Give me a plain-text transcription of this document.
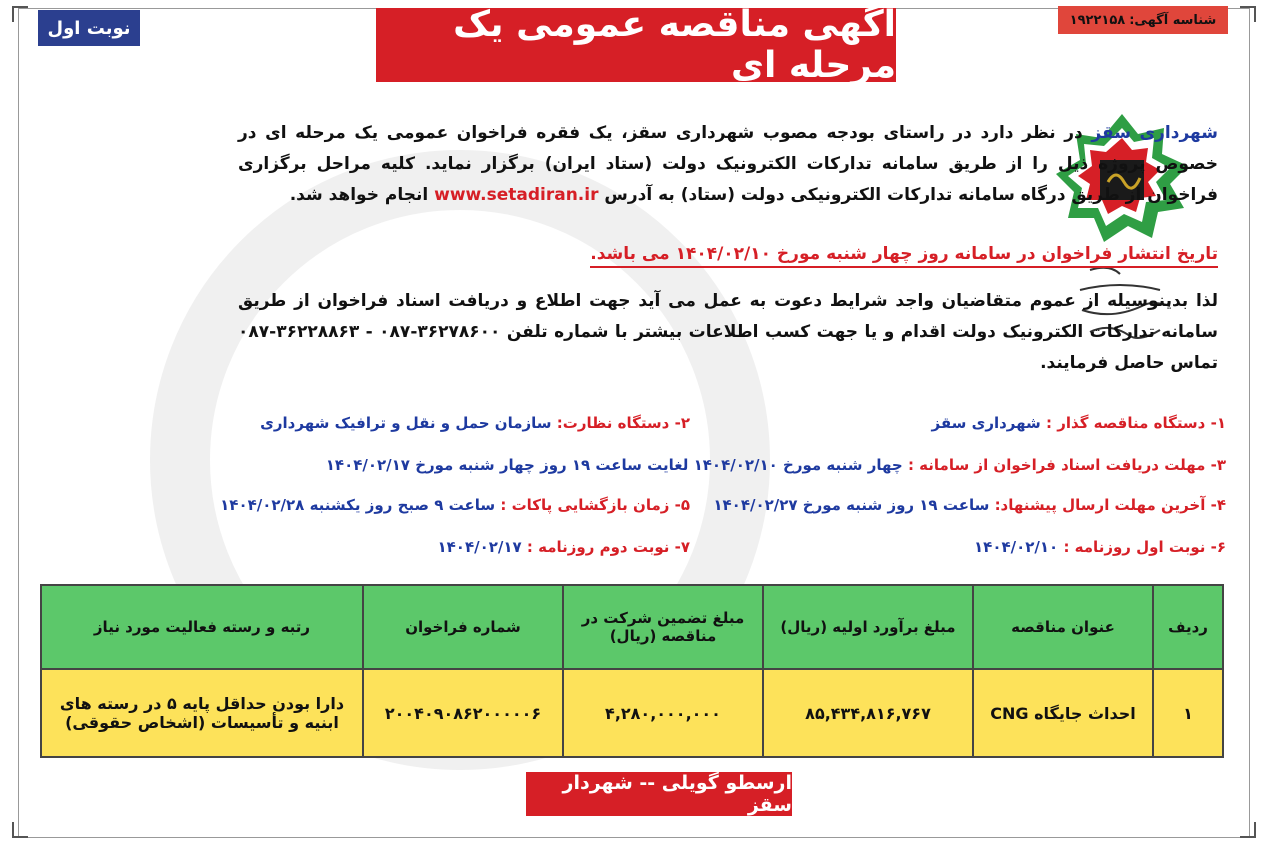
آگهی مناقصه عمومی یک مرحله ای
نوبت اول	شناسه آگهی:
۱۹۲۲۱۵۸
شهرداری سقز در نظر دارد در راستای بودجه مصوب شهرداری سقز، یک فقره فراخوان عمومی یک مرحله ای در خصوص پروژه ذیل را از طریق سامانه تدارکات الکترونیک دولت (ستاد ایران) برگزار نماید. کلیه مراحل برگزاری فراخوان از طریق درگاه سامانه تدارکات الکترونیکی دولت (ستاد) به آدرس www.setadiran.ir انجام خواهد شد.
تاریخ انتشار فراخوان در سامانه روز چهار شنبه مورخ ۱۴۰۴/۰۲/۱۰ می باشد.
لذا بدینوسیله از عموم متقاضیان واجد شرایط دعوت به عمل می آید جهت اطلاع و دریافت اسناد فراخوان از طریق سامانه تدارکات الکترونیک دولت اقدام و یا جهت کسب اطلاعات بیشتر با شماره تلفن ۳۶۲۷۸۶۰۰-۰۸۷ - ۳۶۲۲۸۸۶۳-۰۸۷ تماس حاصل فرمایند.
۱- دستگاه مناقصه گذار : شهرداری سقز
۲- دستگاه نظارت: سازمان حمل و نقل و ترافیک شهرداری
۳- مهلت دریافت اسناد فراخوان از سامانه : چهار شنبه مورخ ۱۴۰۴/۰۲/۱۰ لغایت ساعت ۱۹ روز چهار شنبه مورخ ۱۴۰۴/۰۲/۱۷
۴- آخرین مهلت ارسال پیشنهاد: ساعت ۱۹ روز شنبه مورخ ۱۴۰۴/۰۲/۲۷
۵- زمان بازگشایی پاکات : ساعت ۹ صبح روز یکشنبه ۱۴۰۴/۰۲/۲۸
۶- نوبت اول روزنامه : ۱۴۰۴/۰۲/۱۰
۷- نوبت دوم روزنامه : ۱۴۰۴/۰۲/۱۷
ردیف	عنوان مناقصه	مبلغ برآورد اولیه (ریال)	مبلغ تضمین شرکت در مناقصه (ریال)	شماره فراخوان	رتبه و رسته فعالیت مورد نیاز
۱	احداث جایگاه CNG	۸۵,۴۳۴,۸۱۶,۷۶۷	۴,۲۸۰,۰۰۰,۰۰۰	۲۰۰۴۰۹۰۸۶۲۰۰۰۰۰۶	دارا بودن حداقل پایه ۵ در رسته های ابنیه و تأسیسات (اشخاص حقوقی)
ارسطو گویلی -- شهردار سقز
